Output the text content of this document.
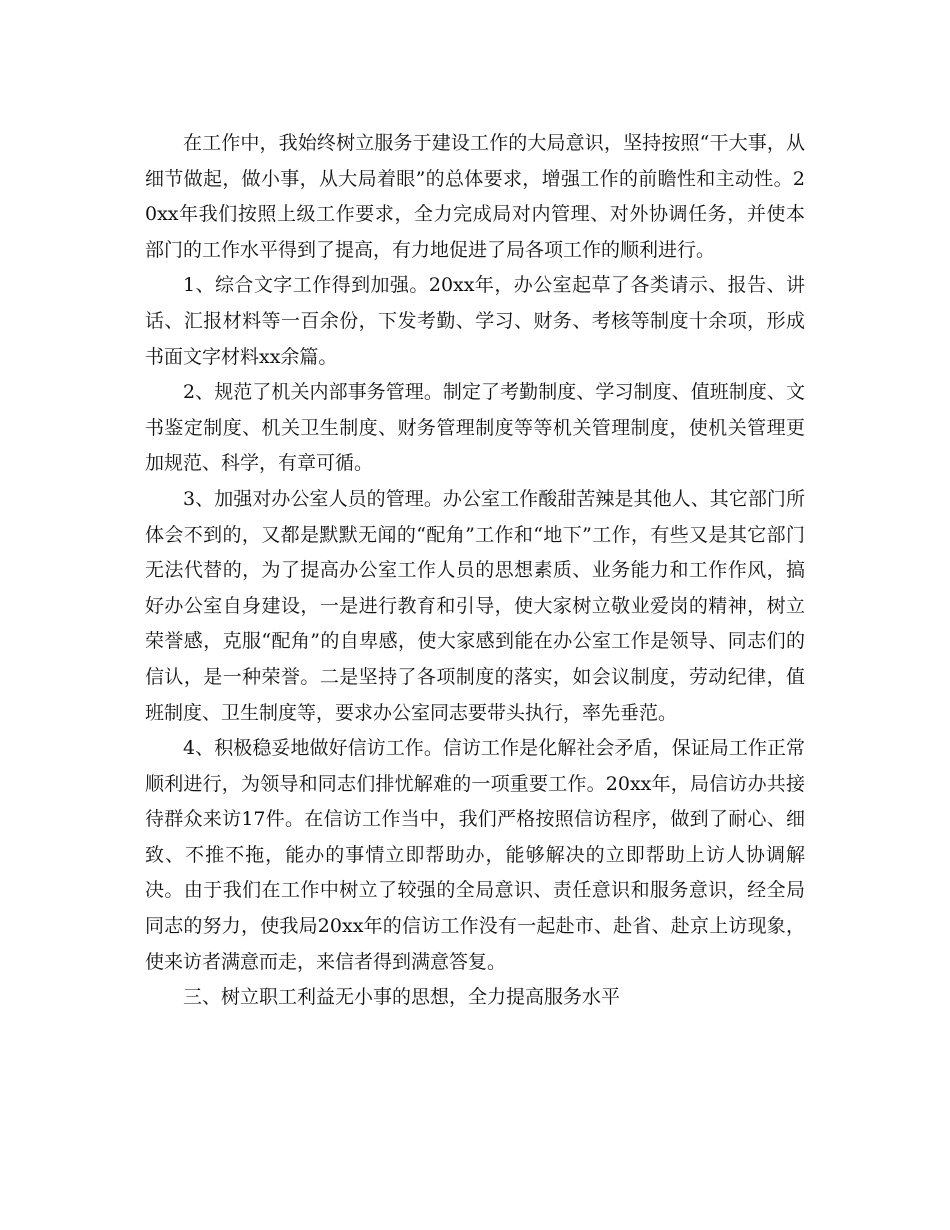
在工作中，我始终树立服务于建设工作的大局意识，坚持按照“干大事，从细节做起，做小事，从大局着眼”的总体要求，增强工作的前瞻性和主动性。20xx年我们按照上级工作要求，全力完成局对内管理、对外协调任务，并使本部门的工作水平得到了提高，有力地促进了局各项工作的顺利进行。

1、综合文字工作得到加强。20xx年，办公室起草了各类请示、报告、讲话、汇报材料等一百余份，下发考勤、学习、财务、考核等制度十余项，形成书面文字材料xx余篇。

2、规范了机关内部事务管理。制定了考勤制度、学习制度、值班制度、文书鉴定制度、机关卫生制度、财务管理制度等等机关管理制度，使机关管理更加规范、科学，有章可循。

3、加强对办公室人员的管理。办公室工作酸甜苦辣是其他人、其它部门所体会不到的，又都是默默无闻的“配角”工作和“地下”工作，有些又是其它部门无法代替的，为了提高办公室工作人员的思想素质、业务能力和工作作风，搞好办公室自身建设，一是进行教育和引导，使大家树立敬业爱岗的精神，树立荣誉感，克服“配角”的自卑感，使大家感到能在办公室工作是领导、同志们的信认，是一种荣誉。二是坚持了各项制度的落实，如会议制度，劳动纪律，值班制度、卫生制度等，要求办公室同志要带头执行，率先垂范。

4、积极稳妥地做好信访工作。信访工作是化解社会矛盾，保证局工作正常顺利进行，为领导和同志们排忧解难的一项重要工作。20xx年，局信访办共接待群众来访17件。在信访工作当中，我们严格按照信访程序，做到了耐心、细致、不推不拖，能办的事情立即帮助办，能够解决的立即帮助上访人协调解决。由于我们在工作中树立了较强的全局意识、责任意识和服务意识，经全局同志的努力，使我局20xx年的信访工作没有一起赴市、赴省、赴京上访现象，使来访者满意而走，来信者得到满意答复。

三、树立职工利益无小事的思想，全力提高服务水平
